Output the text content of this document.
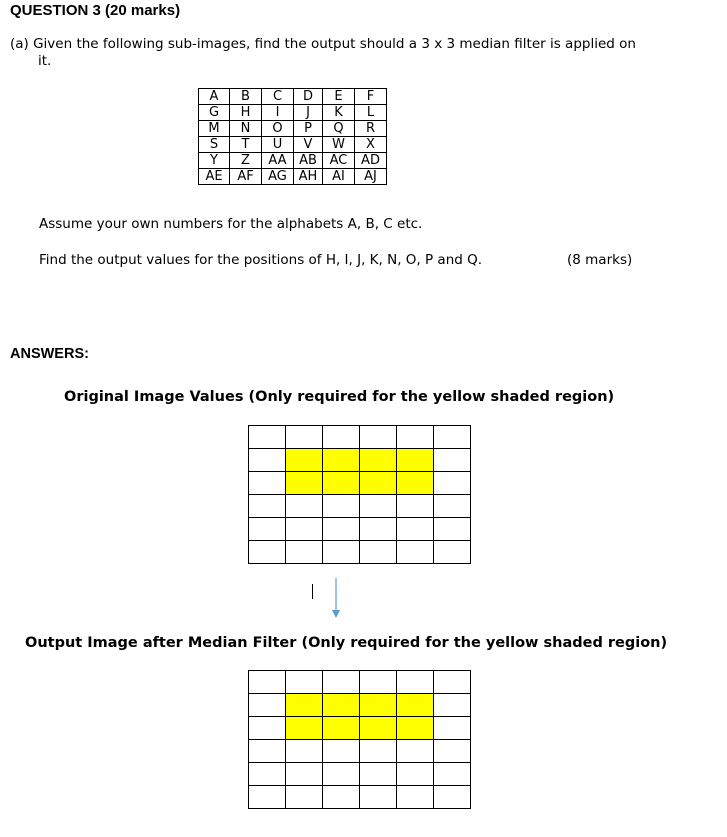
QUESTION 3 (20 marks)
(a) Given the following sub-images, find the output should a 3 x 3 median filter is applied on
it.
A	B	C	D	E	F
G	H	I	J	K	L
M	N	O	P	Q	R
S	T	U	V	W	X
Y	Z	AA	AB	AC	AD
AE	AF	AG	AH	AI	AJ
Assume your own numbers for the alphabets A, B, C etc.
Find the output values for the positions of H, I, J, K, N, O, P and Q.	(8 marks)
ANSWERS:
Original Image Values (Only required for the yellow shaded region)

Output Image after Median Filter (Only required for the yellow shaded region)
